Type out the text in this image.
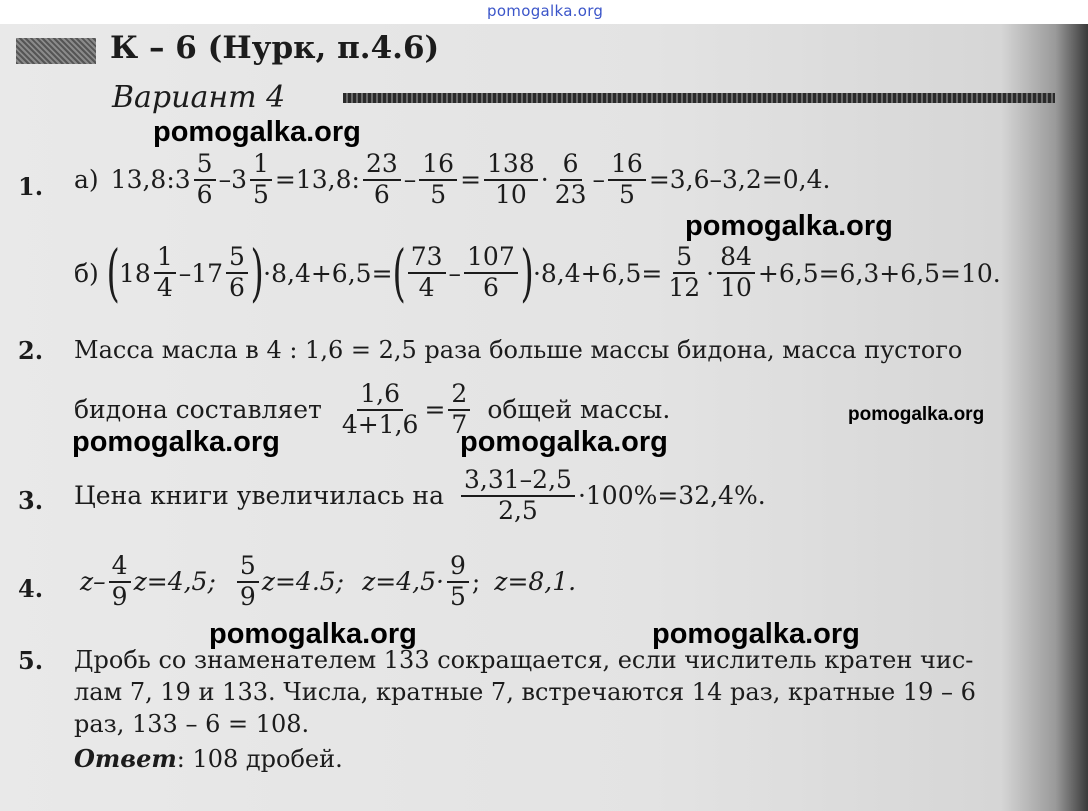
pomogalka.org
К – 6 (Нурк, п.4.6)
Вариант 4
1. а) 13,8:3 $\frac{5}{6} -3 \frac{1}{5} =13,8$: $\frac{23}{6} - \frac{16}{5} = \frac{138}{10} \cdot \frac{6}{23} - \frac{16}{5} =3,6-3,2=0,4$.
б) ( $18 \frac{1}{4} -17 \frac{5}{6}$ ) ·8,4+6,5= ( $\frac{73}{4} - \frac{107}{6}$ ) $\cdot 8,4+6,5= \frac{5}{12} \cdot \frac{84}{10} +6,5=6,3+6,5=10$.
2. Масса масла в 4 : 1,6 = 2,5 раза больше массы бидона, масса пустого
бидона составляет $\frac{1,6}{4+1,6} = \frac{2}{7}$ общей массы.
3. Цена книги увеличилась на $\frac{3,31-2,5}{2,5} \cdot 100\%=32,4\%$.
4. $z- \frac{4}{9} z=4,5$; $\frac{5}{9} z=4.5$; $z=4,5\cdot \frac{9}{5}$ ; z=8,1.
5. Дробь со знаменателем 133 сокращается, если числитель кратен чис-
лам 7, 19 и 133. Числа, кратные 7, встречаются 14 раз, кратные 19 – 6
раз, 133 – 6 = 108.
Ответ: 108 дробей.
pomogalka.org
pomogalka.org
pomogalka.org
pomogalka.org	pomogalka.org
pomogalka.org	pomogalka.org
